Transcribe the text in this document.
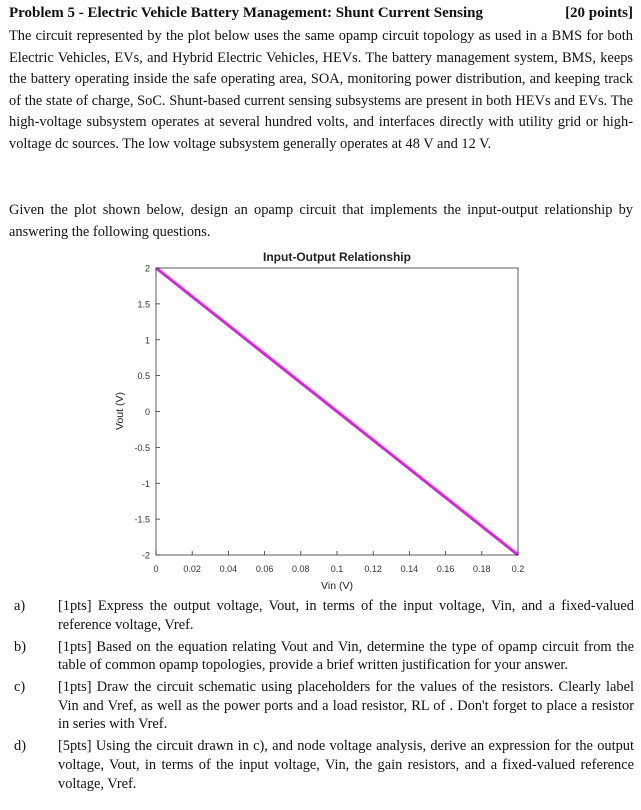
Problem 5 - Electric Vehicle Battery Management: Shunt Current Sensing	[20 points]

The circuit represented by the plot below uses the same opamp circuit topology as used in a BMS for both Electric Vehicles, EVs, and Hybrid Electric Vehicles, HEVs. The battery management system, BMS, keeps the battery operating inside the safe operating area, SOA, monitoring power distribution, and keeping track of the state of charge, SoC. Shunt-based current sensing subsystems are present in both HEVs and EVs. The high-voltage subsystem operates at several hundred volts, and interfaces directly with utility grid or high-voltage dc sources. The low voltage subsystem generally operates at 48 V and 12 V.

Given the plot shown below, design an opamp circuit that implements the input-output relationship by answering the following questions.

Input-Output Relationship
2
1.5
1
0.5
0
-0.5
-1
-1.5
-2
0	0.02 0.04 0.06 0.08 0.1 0.12 0.14 0.16 0.18 0.2
Vin (V)
Vout (V)
a)	[1pts] Express the output voltage, Vout, in terms of the input voltage, Vin, and a fixed-valued reference voltage, Vref.
b)	[1pts] Based on the equation relating Vout and Vin, determine the type of opamp circuit from the table of common opamp topologies, provide a brief written justification for your answer.
c)	[1pts] Draw the circuit schematic using placeholders for the values of the resistors. Clearly label Vin and Vref, as well as the power ports and a load resistor, RL of . Don't forget to place a resistor in series with Vref.
d)	[5pts] Using the circuit drawn in c), and node voltage analysis, derive an expression for the output voltage, Vout, in terms of the input voltage, Vin, the gain resistors, and a fixed-valued reference voltage, Vref.
